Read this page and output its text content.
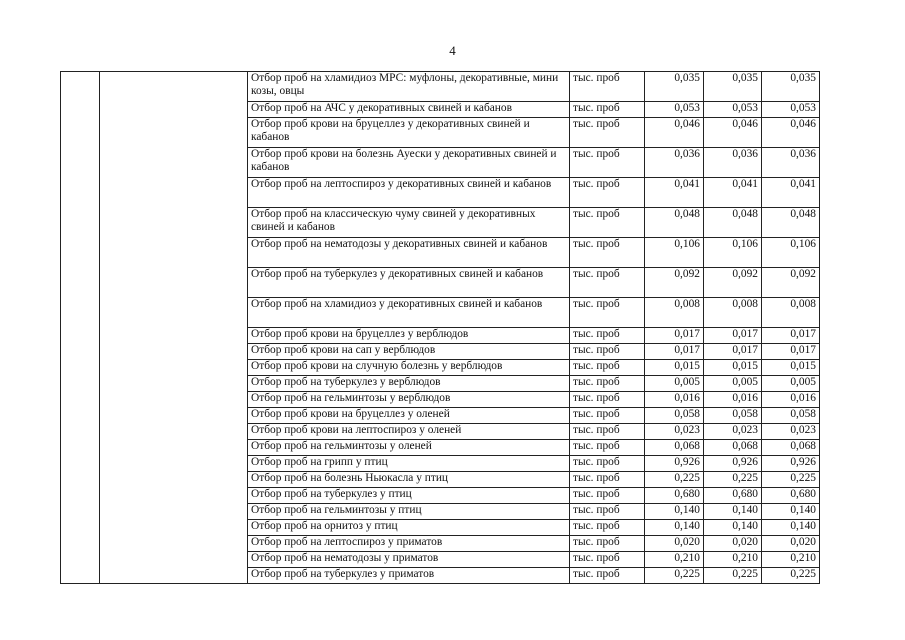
4
		Отбор проб на хламидиоз МРС: муфлоны, декоративные, мини козы, овцы	тыс. проб	0,035	0,035	0,035
		Отбор проб на АЧС у декоративных свиней и кабанов	тыс. проб	0,053	0,053	0,053
		Отбор проб крови на бруцеллез у декоративных свиней и кабанов	тыс. проб	0,046	0,046	0,046
		Отбор проб крови на болезнь Ауески у декоративных свиней и кабанов	тыс. проб	0,036	0,036	0,036
		Отбор проб на лептоспироз у декоративных свиней и кабанов	тыс. проб	0,041	0,041	0,041
		Отбор проб на классическую чуму свиней у декоративных свиней и кабанов	тыс. проб	0,048	0,048	0,048
		Отбор проб на нематодозы у декоративных свиней и кабанов	тыс. проб	0,106	0,106	0,106
		Отбор проб на туберкулез у декоративных свиней и кабанов	тыс. проб	0,092	0,092	0,092
		Отбор проб на хламидиоз у декоративных свиней и кабанов	тыс. проб	0,008	0,008	0,008
		Отбор проб крови на бруцеллез у верблюдов	тыс. проб	0,017	0,017	0,017
		Отбор проб крови на сап у верблюдов	тыс. проб	0,017	0,017	0,017
		Отбор проб крови на случную болезнь у верблюдов	тыс. проб	0,015	0,015	0,015
		Отбор проб на туберкулез у верблюдов	тыс. проб	0,005	0,005	0,005
		Отбор проб на гельминтозы у верблюдов	тыс. проб	0,016	0,016	0,016
		Отбор проб крови на бруцеллез у оленей	тыс. проб	0,058	0,058	0,058
		Отбор проб крови на лептоспироз у оленей	тыс. проб	0,023	0,023	0,023
		Отбор проб на гельминтозы у оленей	тыс. проб	0,068	0,068	0,068
		Отбор проб на грипп у птиц	тыс. проб	0,926	0,926	0,926
		Отбор проб на болезнь Ньюкасла у птиц	тыс. проб	0,225	0,225	0,225
		Отбор проб на туберкулез у птиц	тыс. проб	0,680	0,680	0,680
		Отбор проб на гельминтозы у птиц	тыс. проб	0,140	0,140	0,140
		Отбор проб на орнитоз у птиц	тыс. проб	0,140	0,140	0,140
		Отбор проб на лептоспироз у приматов	тыс. проб	0,020	0,020	0,020
		Отбор проб на нематодозы у приматов	тыс. проб	0,210	0,210	0,210
		Отбор проб на туберкулез у приматов	тыс. проб	0,225	0,225	0,225
